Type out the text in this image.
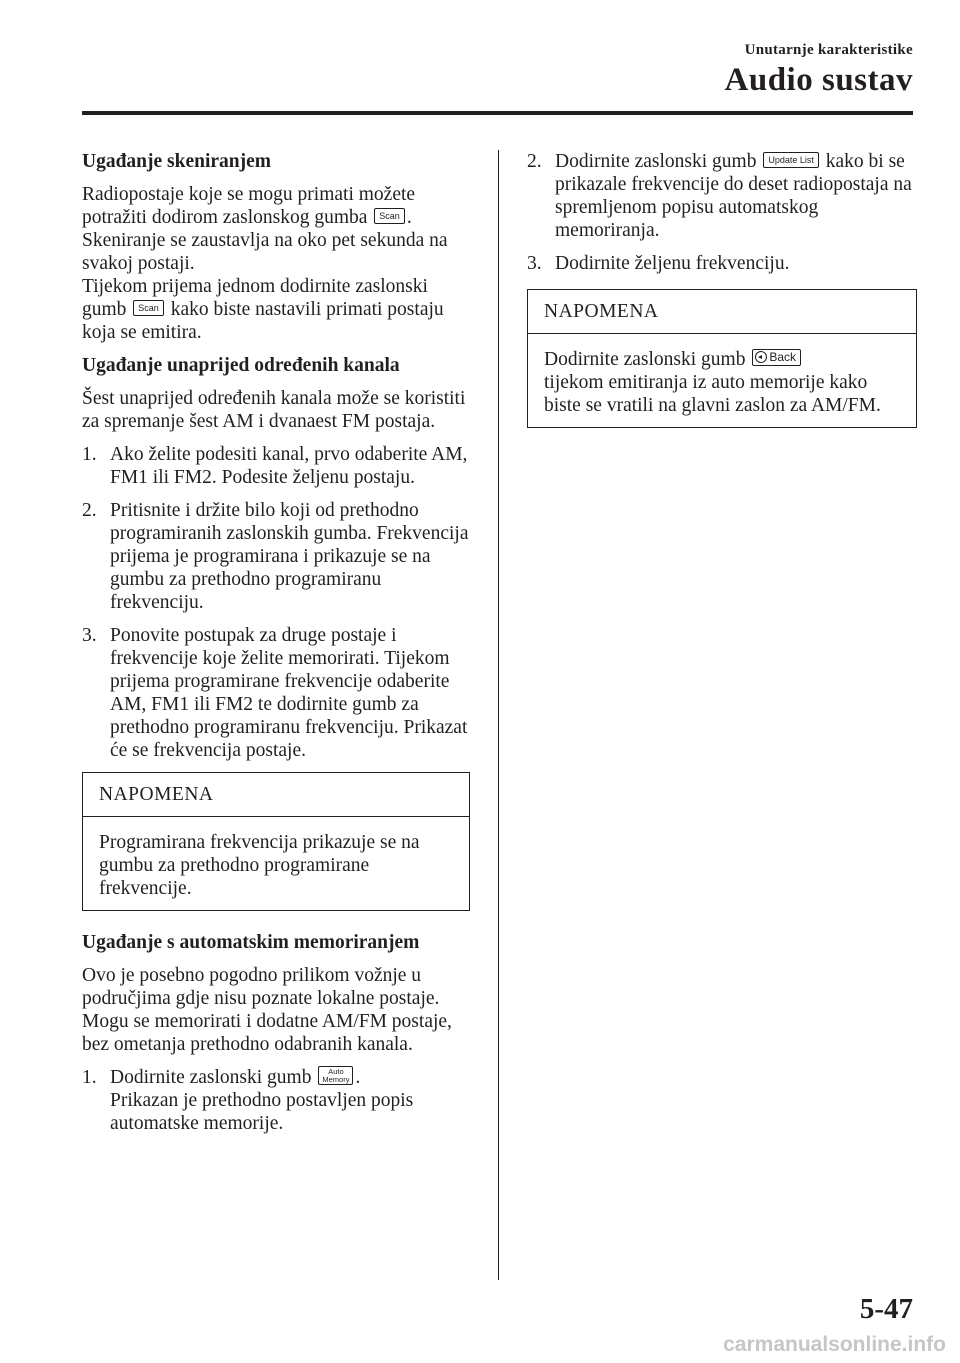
Unutarnje karakteristike
Audio sustav
Ugađanje skeniranjem

Radiopostaje koje se mogu primati možete potražiti dodirom zaslonskog gumba Scan .
Skeniranje se zaustavlja na oko pet sekunda na svakoj postaji.
Tijekom prijema jednom dodirnite zaslonski gumb Scan kako biste nastavili primati postaju koja se emitira.

Ugađanje unaprijed određenih kanala

Šest unaprijed određenih kanala može se koristiti za spremanje šest AM i dvanaest FM postaja.

1. Ako želite podesiti kanal, prvo odaberite AM, FM1 ili FM2. Podesite željenu postaju.
2. Pritisnite i držite bilo koji od prethodno programiranih zaslonskih gumba. Frekvencija prijema je programirana i prikazuje se na gumbu za prethodno programiranu frekvenciju.
3. Ponovite postupak za druge postaje i frekvencije koje želite memorirati. Tijekom prijema programirane frekvencije odaberite AM, FM1 ili FM2 te dodirnite gumb za prethodno programiranu frekvenciju. Prikazat će se frekvencija postaje.
NAPOMENA
Programirana frekvencija prikazuje se na gumbu za prethodno programirane frekvencije.
Ugađanje s automatskim memoriranjem

Ovo je posebno pogodno prilikom vožnje u područjima gdje nisu poznate lokalne postaje. Mogu se memorirati i dodatne AM/FM postaje, bez ometanja prethodno odabranih kanala.

1. Dodirnite zaslonski gumb Auto
Memory .
Prikazan je prethodno postavljen popis automatske memorije.
2. Dodirnite zaslonski gumb Update List kako bi se prikazale frekvencije do deset radiopostaja na spremljenom popisu automatskog memoriranja.
3. Dodirnite željenu frekvenciju.
NAPOMENA
Dodirnite zaslonski gumb Back
tijekom emitiranja iz auto memorije kako biste se vratili na glavni zaslon za AM/FM.
5-47
carmanualsonline.info
